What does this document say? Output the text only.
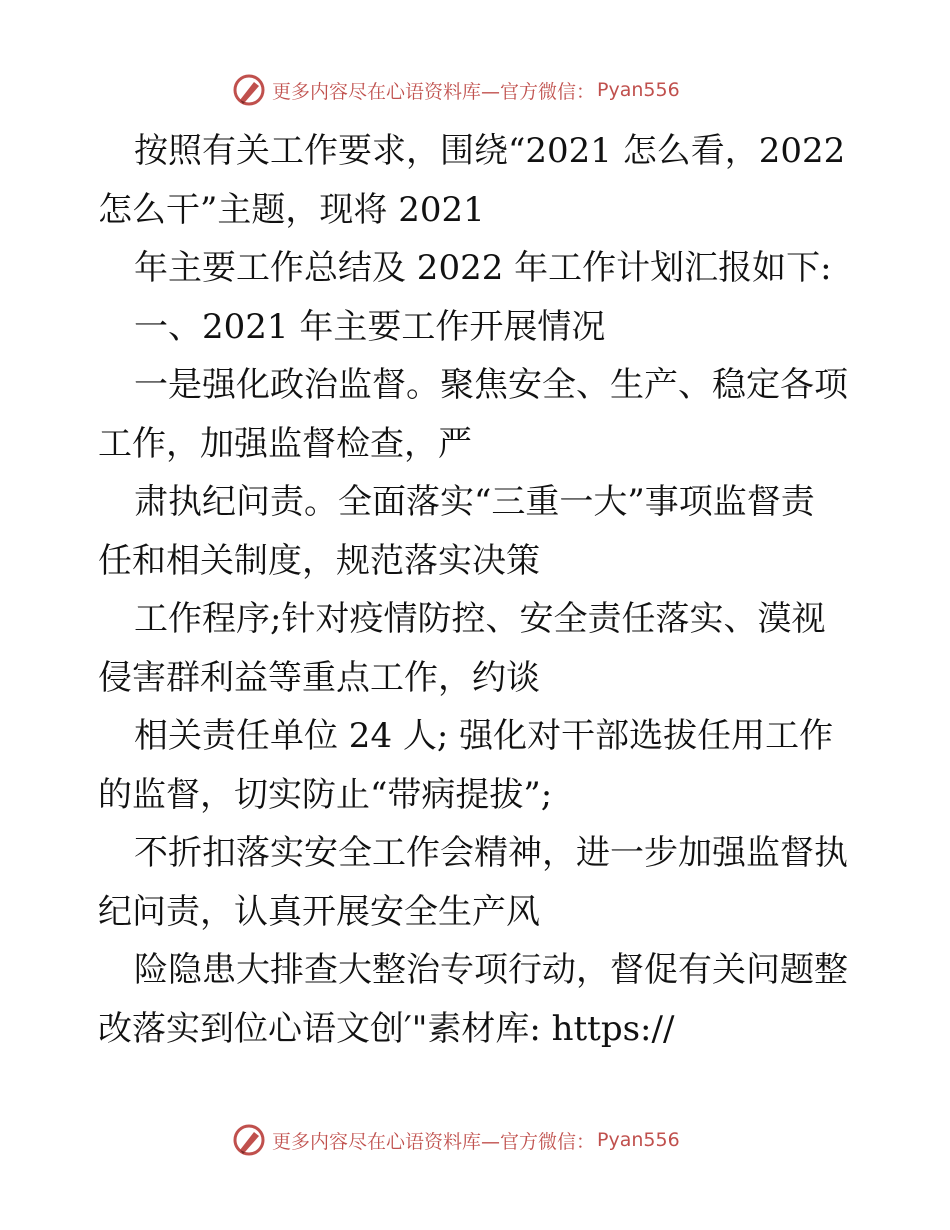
更多内容尽在心语资料库—官方微信： Pyan556
按照有关工作要求，围绕“2021 怎么看，2022
怎么干”主题，现将 2021
年主要工作总结及 2022 年工作计划汇报如下:
一、2021 年主要工作开展情况
一是强化政治监督。聚焦安全、生产、稳定各项
工作，加强监督检查，严
肃执纪问责。全面落实“三重一大”事项监督责
任和相关制度，规范落实决策
工作程序;针对疫情防控、安全责任落实、漠视
侵害群利益等重点工作，约谈
相关责任单位 24 人; 强化对干部选拔任用工作
的监督，切实防止“带病提拔”;
不折扣落实安全工作会精神，进一步加强监督执
纪问责，认真开展安全生产风
险隐患大排查大整治专项行动，督促有关问题整
改落实到位心语文创′"素材库: https://
更多内容尽在心语资料库—官方微信： Pyan556
